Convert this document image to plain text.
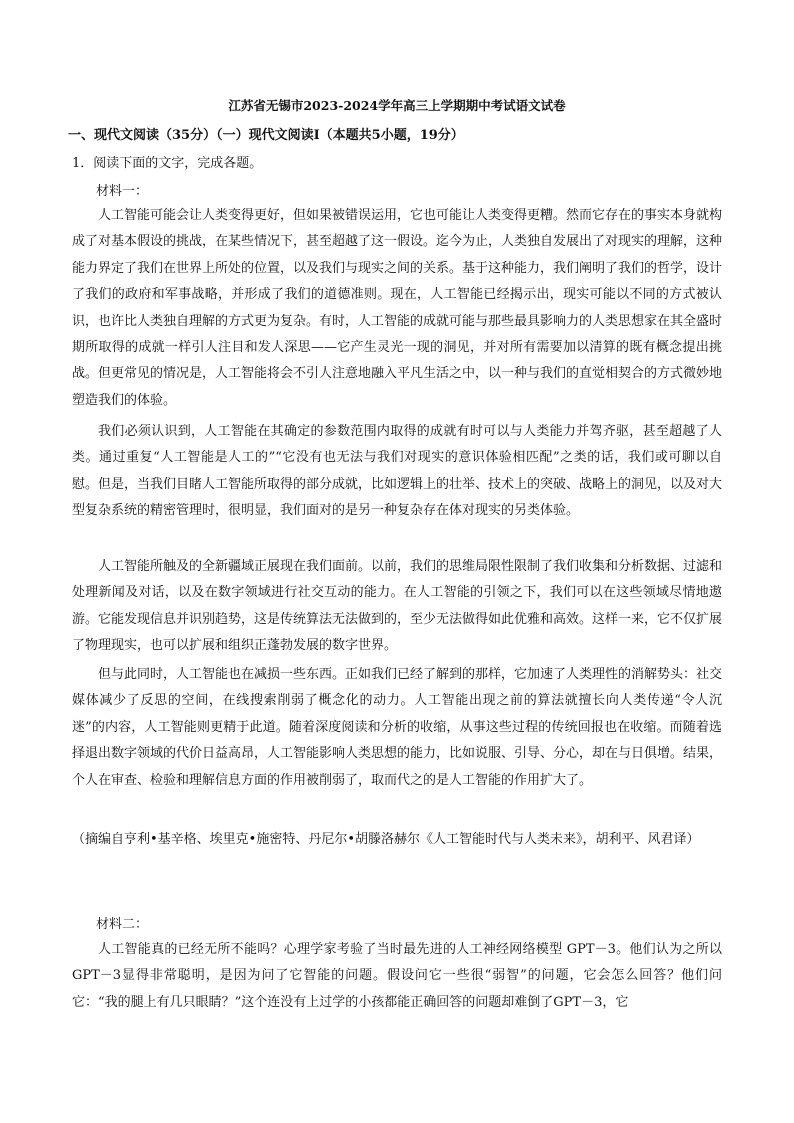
江苏省无锡市2023-2024学年高三上学期期中考试语文试卷
一、现代文阅读（35分）（一）现代文阅读Ⅰ（本题共5小题，19分）
1．阅读下面的文字，完成各题。
材料一：

人工智能可能会让人类变得更好，但如果被错误运用，它也可能让人类变得更糟。然而它存在的事实本身就构成了对基本假设的挑战，在某些情况下，甚至超越了这一假设。迄今为止，人类独自发展出了对现实的理解，这种能力界定了我们在世界上所处的位置，以及我们与现实之间的关系。基于这种能力，我们阐明了我们的哲学，设计了我们的政府和军事战略，并形成了我们的道德准则。现在，人工智能已经揭示出，现实可能以不同的方式被认识，也许比人类独自理解的方式更为复杂。有时，人工智能的成就可能与那些最具影响力的人类思想家在其全盛时期所取得的成就一样引人注目和发人深思——它产生灵光一现的洞见，并对所有需要加以清算的既有概念提出挑战。但更常见的情况是，人工智能将会不引人注意地融入平凡生活之中，以一种与我们的直觉相契合的方式微妙地塑造我们的体验。

我们必须认识到，人工智能在其确定的参数范围内取得的成就有时可以与人类能力并驾齐驱，甚至超越了人类。通过重复“人工智能是人工的”“它没有也无法与我们对现实的意识体验相匹配”之类的话，我们或可聊以自慰。但是，当我们目睹人工智能所取得的部分成就，比如逻辑上的壮举、技术上的突破、战略上的洞见，以及对大型复杂系统的精密管理时，很明显，我们面对的是另一种复杂存在体对现实的另类体验。

人工智能所触及的全新疆域正展现在我们面前。以前，我们的思维局限性限制了我们收集和分析数据、过滤和处理新闻及对话，以及在数字领域进行社交互动的能力。在人工智能的引领之下，我们可以在这些领域尽情地遨游。它能发现信息并识别趋势，这是传统算法无法做到的，至少无法做得如此优雅和高效。这样一来，它不仅扩展了物理现实，也可以扩展和组织正蓬勃发展的数字世界。

但与此同时，人工智能也在减损一些东西。正如我们已经了解到的那样，它加速了人类理性的消解势头：社交媒体减少了反思的空间，在线搜索削弱了概念化的动力。人工智能出现之前的算法就擅长向人类传递“令人沉迷”的内容，人工智能则更精于此道。随着深度阅读和分析的收缩，从事这些过程的传统回报也在收缩。而随着选择退出数字领域的代价日益高昂，人工智能影响人类思想的能力，比如说服、引导、分心，却在与日俱增。结果，个人在审查、检验和理解信息方面的作用被削弱了，取而代之的是人工智能的作用扩大了。

（摘编自亨利•基辛格、埃里克•施密特、丹尼尔•胡滕洛赫尔《人工智能时代与人类未来》，胡利平、风君译）

材料二：

人工智能真的已经无所不能吗？心理学家考验了当时最先进的人工神经网络模型 GPT－3。他们认为之所以GPT－3显得非常聪明，是因为问了它智能的问题。假设问它一些很“弱智”的问题，它会怎么回答？他们问它：“我的腿上有几只眼睛？”这个连没有上过学的小孩都能正确回答的问题却难倒了GPT－3，它
